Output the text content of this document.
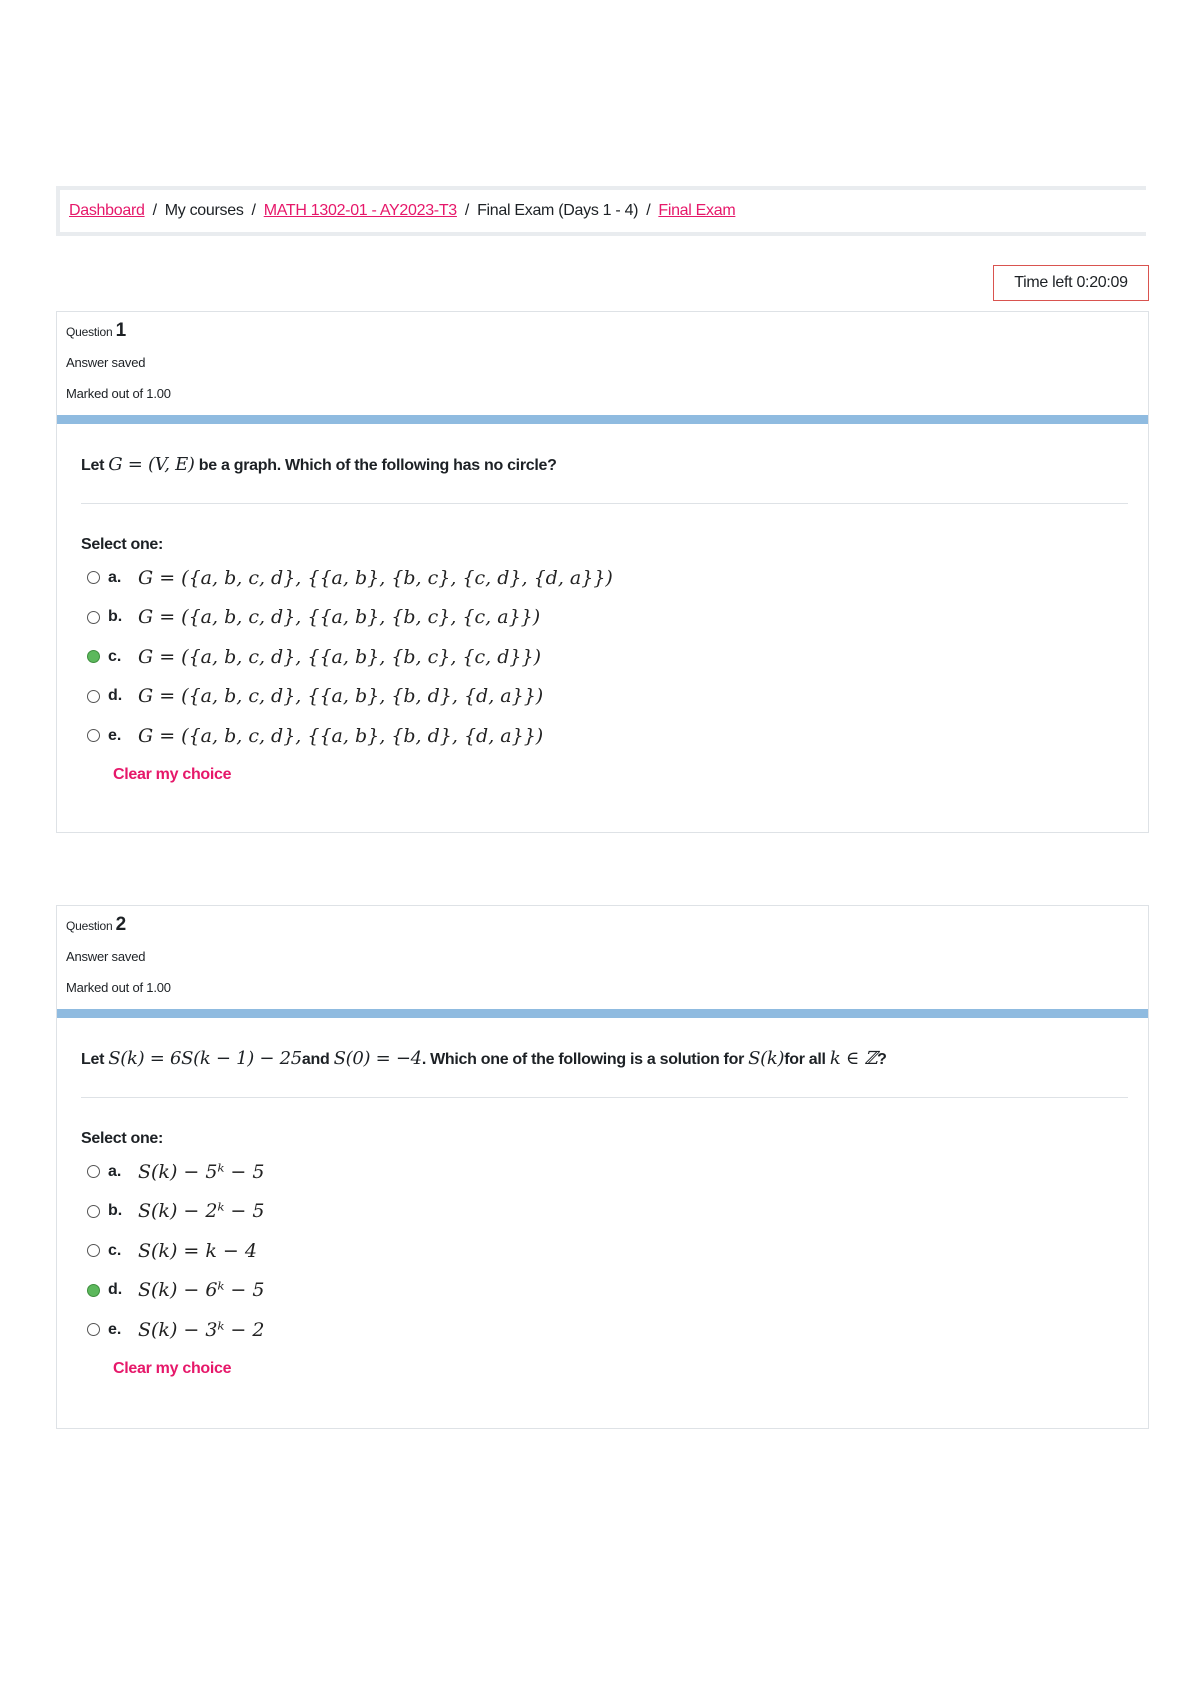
Dashboard / My courses / MATH 1302-01 - AY2023-T3 / Final Exam (Days 1 - 4) / Final Exam
Time left 0:20:09
Question 1
Answer saved
Marked out of 1.00
Let G = (V, E) be a graph. Which of the following has no circle?
Select one:
a. G = ({a, b, c, d}, {{a, b}, {b, c}, {c, d}, {d, a}})
b. G = ({a, b, c, d}, {{a, b}, {b, c}, {c, a}})
c. G = ({a, b, c, d}, {{a, b}, {b, c}, {c, d}})
d. G = ({a, b, c, d}, {{a, b}, {b, d}, {d, a}})
e. G = ({a, b, c, d}, {{a, b}, {b, d}, {d, a}})
Clear my choice
Question 2
Answer saved
Marked out of 1.00
Let S(k) = 6S(k − 1) − 25and S(0) = −4. Which one of the following is a solution for S(k)for all k ∈ ℤ?
Select one:
a. S(k) − 5ᵏ − 5
b. S(k) − 2ᵏ − 5
c. S(k) = k − 4
d. S(k) − 6ᵏ − 5
e. S(k) − 3ᵏ − 2
Clear my choice
